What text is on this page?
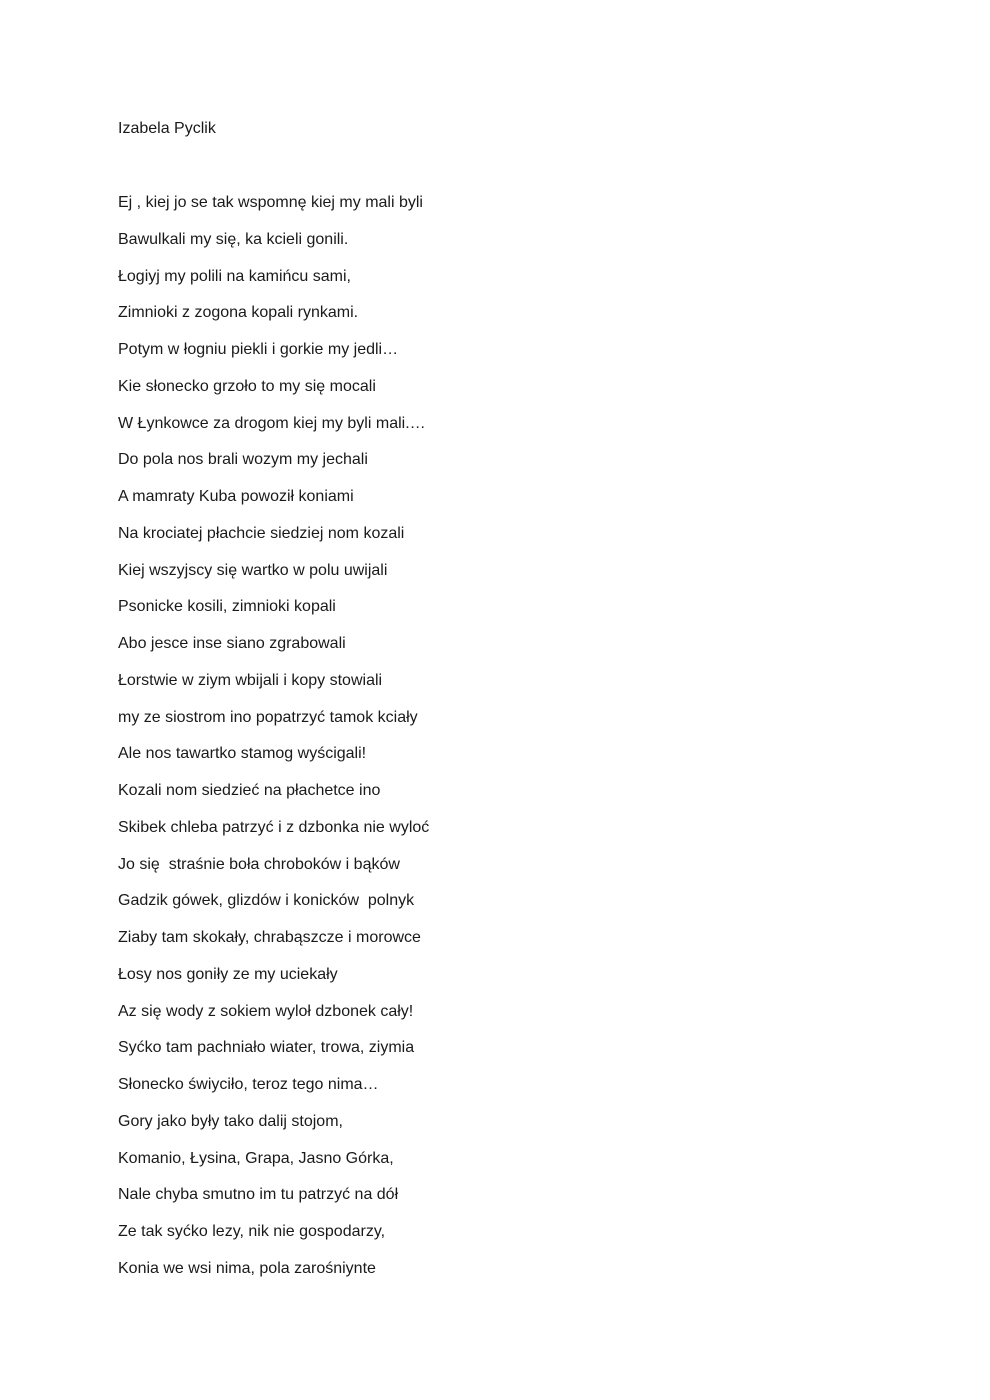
Izabela Pyclik

Ej , kiej jo se tak wspomnę kiej my mali byli
Bawulkali my się, ka kcieli gonili.
Łogiyj my polili na kamińcu sami,
Zimnioki z zogona kopali rynkami.
Potym w łogniu piekli i gorkie my jedli…
Kie słonecko grzoło to my się mocali
W Łynkowce za drogom kiej my byli mali.…
Do pola nos brali wozym my jechali
A mamraty Kuba powoził koniami
Na krociatej płachcie siedziej nom kozali
Kiej wszyjscy się wartko w polu uwijali
Psonicke kosili, zimnioki kopali
Abo jesce inse siano zgrabowali
Łorstwie w ziym wbijali i kopy stowiali
my ze siostrom ino popatrzyć tamok kciały
Ale nos tawartko stamog wyścigali!
Kozali nom siedzieć na płachetce ino
Skibek chleba patrzyć i z dzbonka nie wyloć
Jo się  straśnie boła chroboków i bąków
Gadzik gówek, glizdów i konicków  polnyk
Ziaby tam skokały, chrabąszcze i morowce
Łosy nos goniły ze my uciekały
Az się wody z sokiem wyloł dzbonek cały!
Syćko tam pachniało wiater, trowa, ziymia
Słonecko świyciło, teroz tego nima…
Gory jako były tako dalij stojom,
Komanio, Łysina, Grapa, Jasno Górka,
Nale chyba smutno im tu patrzyć na dół
Ze tak syćko lezy, nik nie gospodarzy,
Konia we wsi nima, pola zarośniynte
